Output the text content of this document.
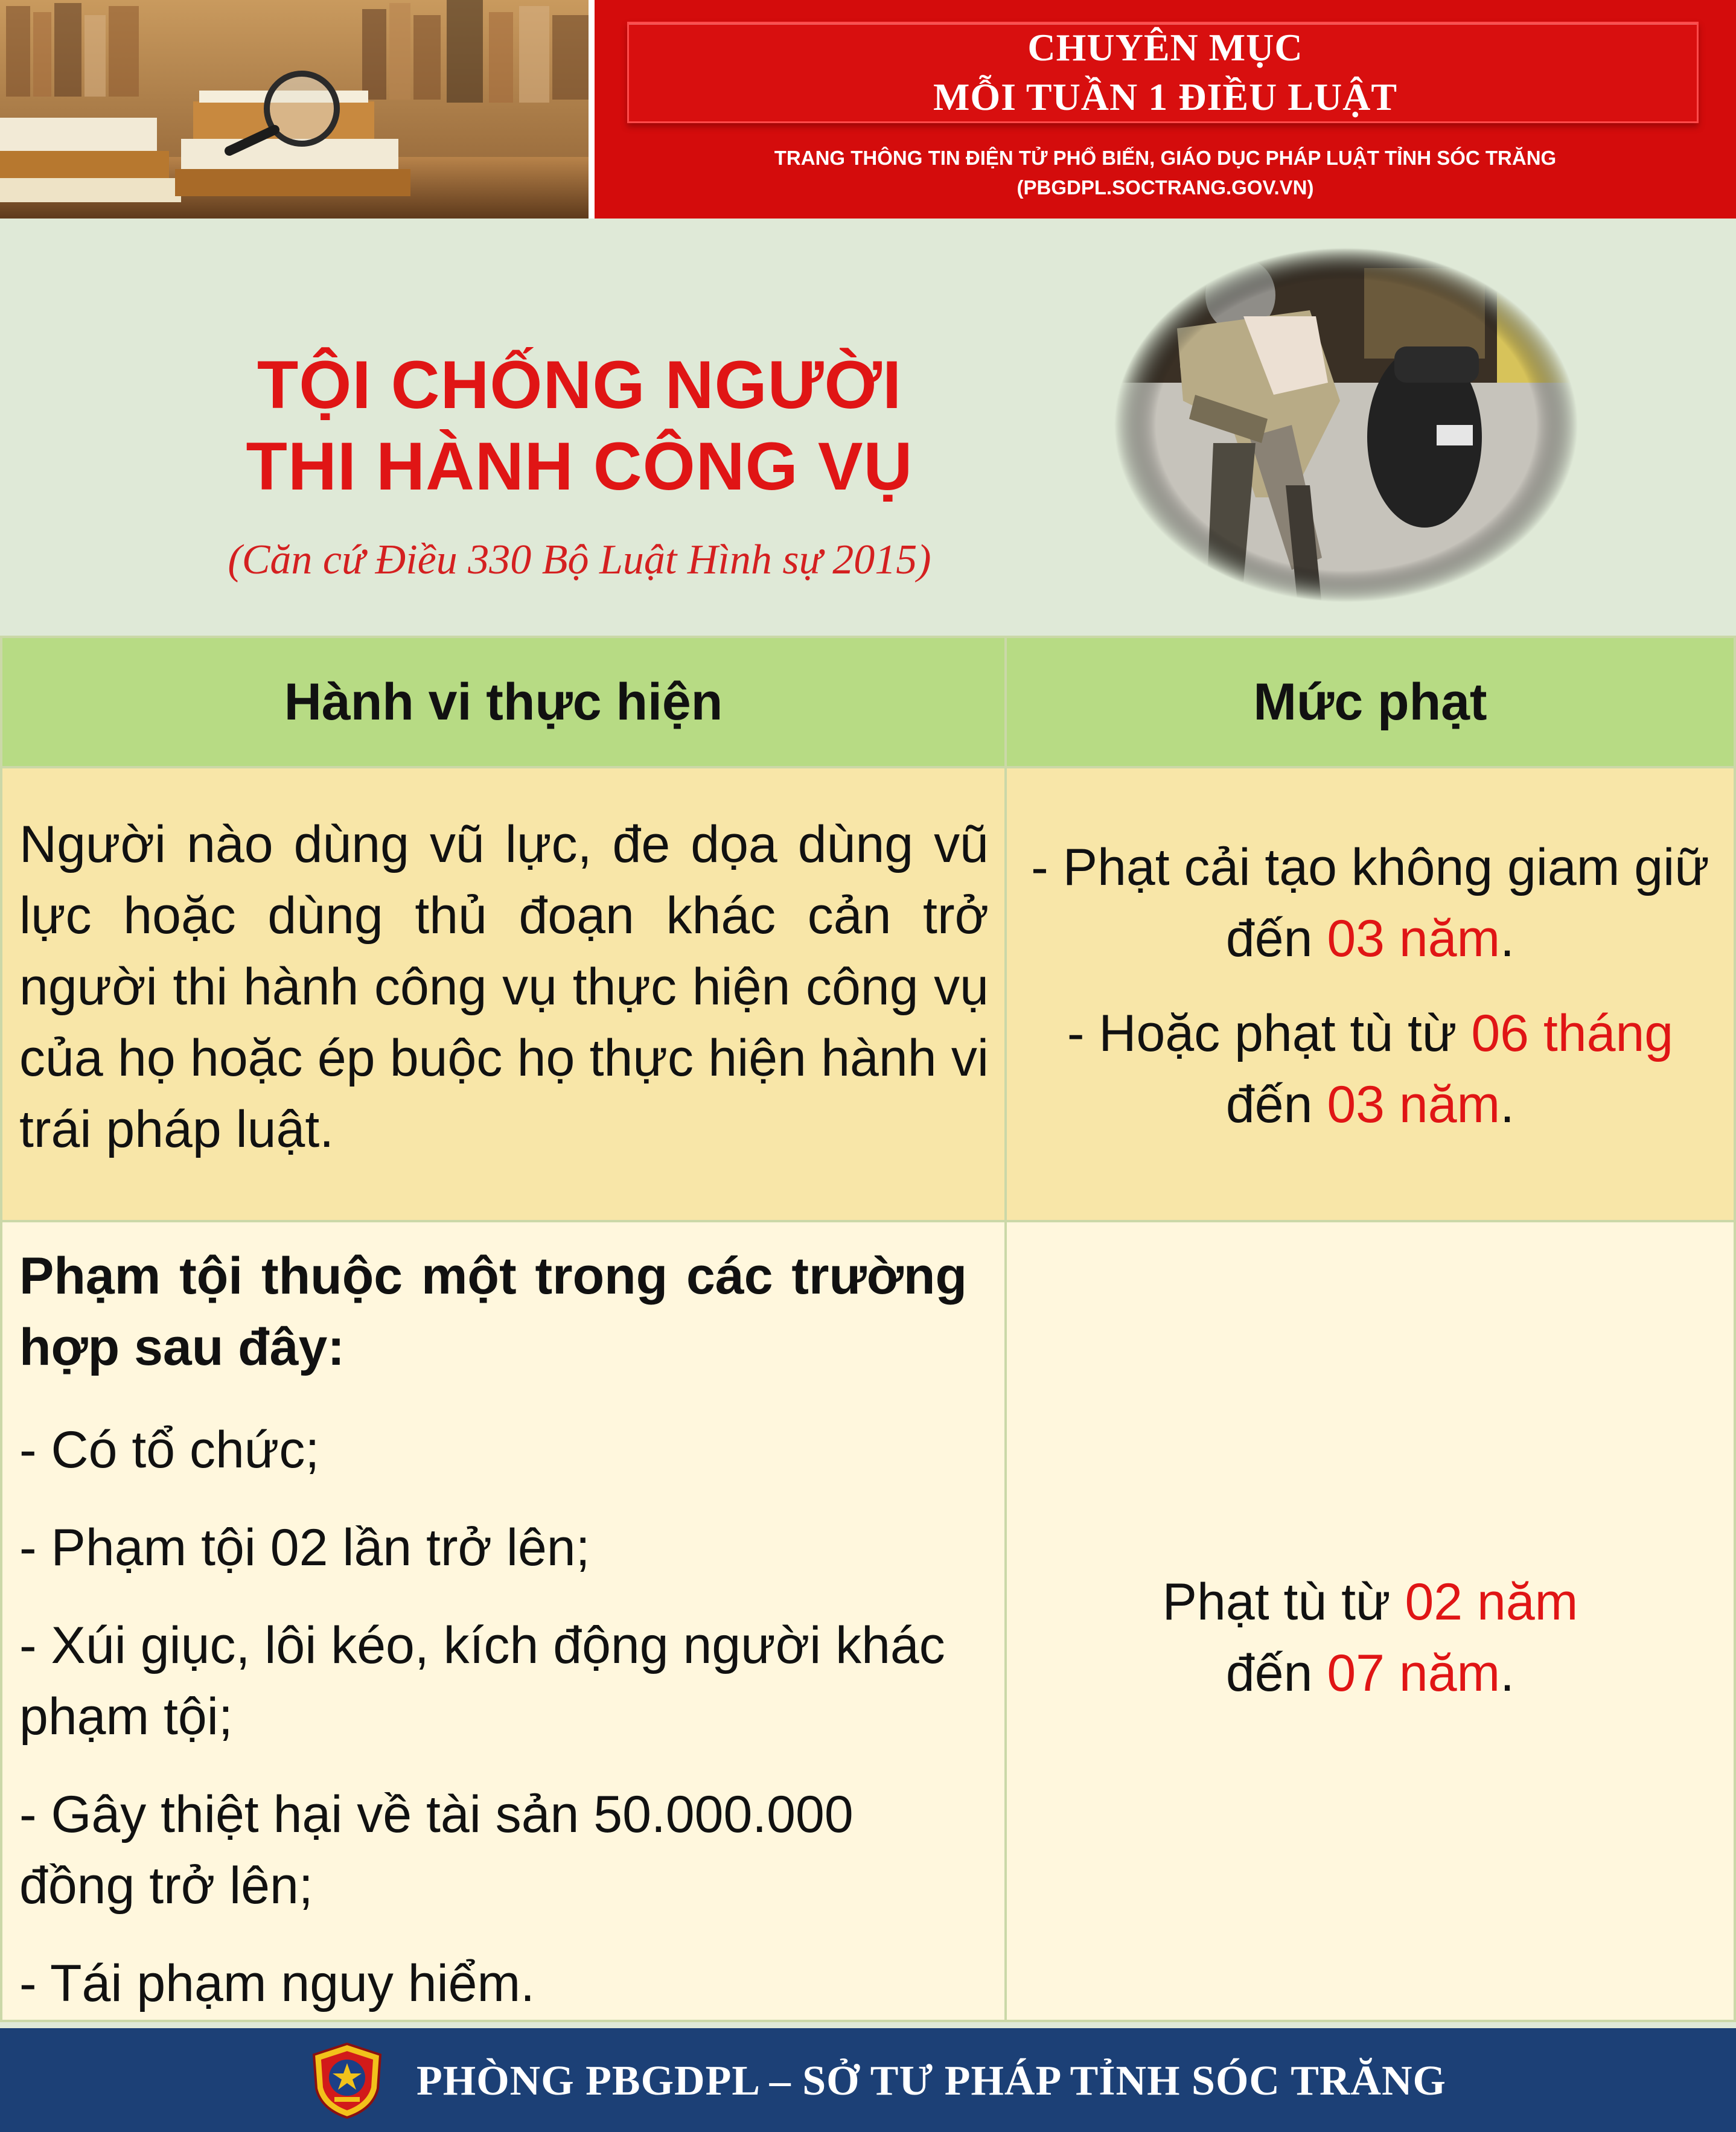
CHUYÊN MỤC
MỖI TUẦN 1 ĐIỀU LUẬT
TRANG THÔNG TIN ĐIỆN TỬ PHỔ BIẾN, GIÁO DỤC PHÁP LUẬT TỈNH SÓC TRĂNG
(PBGDPL.SOCTRANG.GOV.VN)
TỘI CHỐNG NGƯỜI
THI HÀNH CÔNG VỤ
(Căn cứ Điều 330 Bộ Luật Hình sự 2015)
Hành vi thực hiện	Mức phạt
Người nào dùng vũ lực, đe dọa dùng vũ lực hoặc dùng thủ đoạn khác cản trở người thi hành công vụ thực hiện công vụ của họ hoặc ép buộc họ thực hiện hành vi trái pháp luật.
- Phạt cải tạo không giam giữ đến 03 năm.
- Hoặc phạt tù từ 06 tháng
đến 03 năm.
Phạm tội thuộc một trong các trường hợp sau đây:
- Có tổ chức;
- Phạm tội 02 lần trở lên;
- Xúi giục, lôi kéo, kích động người khác phạm tội;
- Gây thiệt hại về tài sản 50.000.000 đồng trở lên;
- Tái phạm nguy hiểm.
Phạt tù từ 02 năm
đến 07 năm.
PHÒNG PBGDPL – SỞ TƯ PHÁP TỈNH SÓC TRĂNG
